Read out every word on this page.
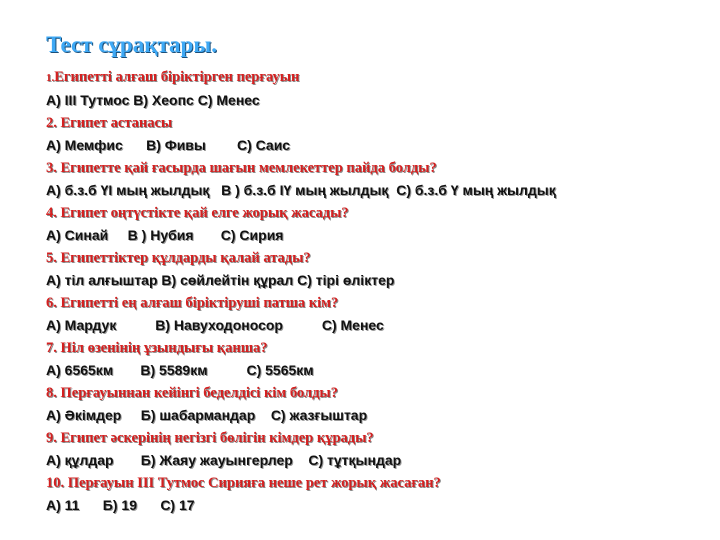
Тест сұрақтары.
1.Египетті алғаш біріктірген перғауын
А) ІІІ Тутмос В) Хеопс С) Менес
2. Египет астанасы
А) Мемфис      В) Фивы        С) Саис
3. Египетте қай ғасырда шағын мемлекеттер пайда болды?
А) б.з.б ҮІ мың жылдық   В ) б.з.б ІҮ мың жылдық  С) б.з.б Ү мың жылдық
4. Египет оңтүстікте қай елге жорық жасады?
А) Синай     В ) Нубия       С) Сирия
5. Египеттіктер құлдарды қалай атады?
А) тіл алғыштар В) сөйлейтін құрал С) тірі өліктер
6. Египетті ең алғаш біріктіруші патша кім?
А) Мардук          В) Навуходоносор          С) Менес
7. Ніл өзенінің ұзындығы қанша?
А) 6565км       В) 5589км          С) 5565км
8. Перғауыннан кейінгі беделдісі кім болды?
А) Әкімдер     Б) шабармандар    С) жазғыштар
9. Египет әскерінің негізгі бөлігін кімдер құрады?
А) құлдар       Б) Жаяу жауынгерлер    С) тұтқындар
10. Перғауын ІІІ Тутмос Сирияға неше рет жорық жасаған?
А) 11      Б) 19      С) 17
